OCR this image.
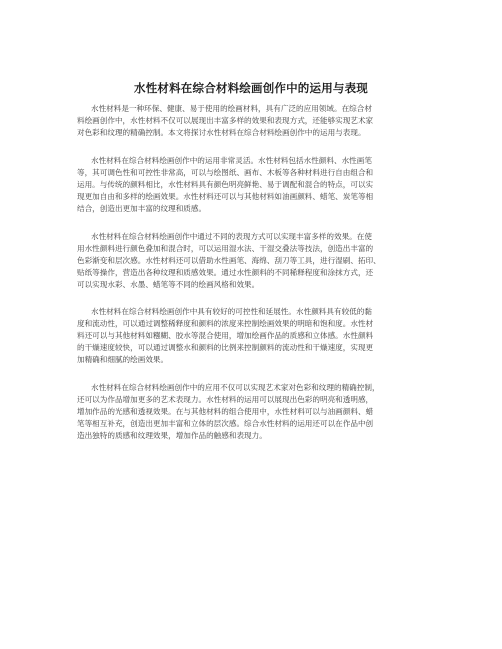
水性材料在综合材料绘画创作中的运用与表现
水性材料是一种环保、健康、易于使用的绘画材料，具有广泛的应用领域。在综合材
料绘画创作中，水性材料不仅可以展现出丰富多样的效果和表现方式，还能够实现艺术家
对色彩和纹理的精确控制。本文将探讨水性材料在综合材料绘画创作中的运用与表现。
水性材料在综合材料绘画创作中的运用非常灵活。水性材料包括水性颜料、水性画笔
等，其可调色性和可控性非常高，可以与绘图纸、画布、木板等各种材料进行自由组合和
运用。与传统的颜料相比，水性材料具有颜色明亮鲜艳、易于调配和混合的特点，可以实
现更加自由和多样的绘画效果。水性材料还可以与其他材料如油画颜料、蜡笔、炭笔等相
结合，创造出更加丰富的纹理和质感。
水性材料在综合材料绘画创作中通过不同的表现方式可以实现丰富多样的效果。在使
用水性颜料进行颜色叠加和混合时，可以运用湿水法、干湿交叠法等技法，创造出丰富的
色彩渐变和层次感。水性材料还可以借助水性画笔、海绵、刮刀等工具，进行湿刷、拓印、
贴纸等操作，营造出各种纹理和质感效果。通过水性颜料的不同稀释程度和涂抹方式，还
可以实现水彩、水墨、蜡笔等不同的绘画风格和效果。
水性材料在综合材料绘画创作中具有较好的可控性和延展性。水性颜料具有较低的黏
度和流动性，可以通过调整稀释度和颜料的浓度来控制绘画效果的明暗和饱和度。水性材
料还可以与其他材料如糨糊、胶水等混合使用，增加绘画作品的质感和立体感。水性颜料
的干燥速度较快，可以通过调整水和颜料的比例来控制颜料的流动性和干燥速度，实现更
加精确和细腻的绘画效果。
水性材料在综合材料绘画创作中的应用不仅可以实现艺术家对色彩和纹理的精确控制，
还可以为作品增加更多的艺术表现力。水性材料的运用可以展现出色彩的明亮和透明感，
增加作品的光感和透视效果。在与其他材料的组合使用中，水性材料可以与油画颜料、蜡
笔等相互补充，创造出更加丰富和立体的层次感。综合水性材料的运用还可以在作品中创
造出独特的质感和纹理效果，增加作品的触感和表现力。
